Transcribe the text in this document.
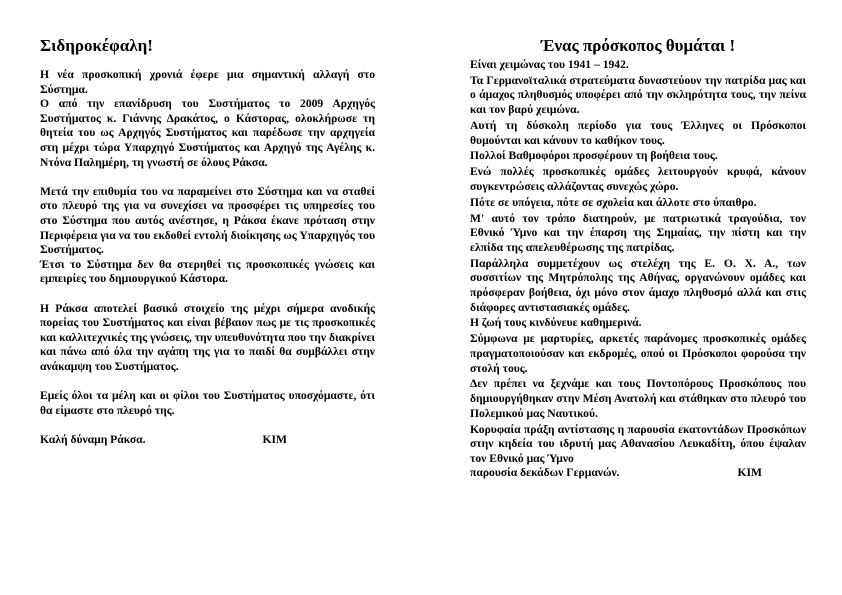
Σιδηροκέφαλη!

Η νέα προσκοπική χρονιά έφερε μια σημαντική αλλαγή στο Σύστημα.

Ο από την επανίδρυση του Συστήματος το 2009 Αρχηγός Συστήματος κ. Γιάννης Δρακάτος, ο Κάστορας, ολοκλήρωσε τη θητεία του ως Αρχηγός Συστήματος και παρέδωσε την αρχηγεία στη μέχρι τώρα Υπαρχηγό Συστήματος και Αρχηγό της Αγέλης κ. Ντόνα Παλημέρη, τη γνωστή σε όλους Ράκσα.

Μετά την επιθυμία του να παραμείνει στο Σύστημα και να σταθεί στο πλευρό της για να συνεχίσει να προσφέρει τις υπηρεσίες του στο Σύστημα που αυτός ανέστησε, η Ράκσα έκανε πρόταση στην Περιφέρεια για να του εκδοθεί εντολή διοίκησης ως Υπαρχηγός του Συστήματος.

Έτσι το Σύστημα δεν θα στερηθεί τις προσκοπικές γνώσεις και εμπειρίες του δημιουργικού Κάστορα.

Η Ράκσα αποτελεί βασικό στοιχείο της μέχρι σήμερα ανοδικής πορείας του Συστήματος και είναι βέβαιον πως με τις προσκοπικές και καλλιτεχνικές της γνώσεις, την υπευθυνότητα που την διακρίνει και πάνω από όλα την αγάπη της για το παιδί θα συμβάλλει στην ανάκαμψη του Συστήματος.

Εμείς όλοι τα μέλη και οι φίλοι του Συστήματος υποσχόμαστε, ότι θα είμαστε στο πλευρό της.

Καλή δύναμη Ράκσα.	ΚΙΜ
Ένας πρόσκοπος θυμάται !

Είναι χειμώνας του 1941 – 1942.

Τα Γερμανοϊταλικά στρατεύματα δυναστεύουν την πατρίδα μας και ο άμαχος πληθυσμός υποφέρει από την σκληρότητα τους, την πείνα και τον βαρύ χειμώνα.

Αυτή τη δύσκολη περίοδο για τους Έλληνες οι Πρόσκοποι θυμούνται και κάνουν το καθήκον τους.

Πολλοί Βαθμοφόροι προσφέρουν τη βοήθεια τους.

Ενώ πολλές προσκοπικές ομάδες λειτουργούν κρυφά, κάνουν συγκεντρώσεις αλλάζοντας συνεχώς χώρο.

Πότε σε υπόγεια, πότε σε σχολεία και άλλοτε στο ύπαιθρο.

Μ' αυτό τον τρόπο διατηρούν, με πατριωτικά τραγούδια, τον Εθνικό Ύμνο και την έπαρση της Σημαίας, την πίστη και την ελπίδα της απελευθέρωσης της πατρίδας.

Παράλληλα συμμετέχουν ως στελέχη της Ε. Ο. Χ. Α., των συσσιτίων της Μητρόπολης της Αθήνας, οργανώνουν ομάδες και πρόσφεραν βοήθεια, όχι μόνο στον άμαχο πληθυσμό αλλά και στις διάφορες αντιστασιακές ομάδες.

Η ζωή τους κινδύνευε καθημερινά.

Σύμφωνα με μαρτυρίες, αρκετές παράνομες προσκοπικές ομάδες πραγματοποιούσαν και εκδρομές, οπού οι Πρόσκοποι φορούσα την στολή τους.

Δεν πρέπει να ξεχνάμε και τους Ποντοπόρους Προσκόπους που δημιουργήθηκαν στην Μέση Ανατολή και στάθηκαν στο πλευρό του Πολεμικού μας Ναυτικού.

Κορυφαία πράξη αντίστασης η παρουσία εκατοντάδων Προσκόπων στην κηδεία του ιδρυτή μας Αθανασίου Λευκαδίτη, όπου έψαλαν τον Εθνικό μας Ύμνο

παρουσία δεκάδων Γερμανών.	ΚΙΜ
